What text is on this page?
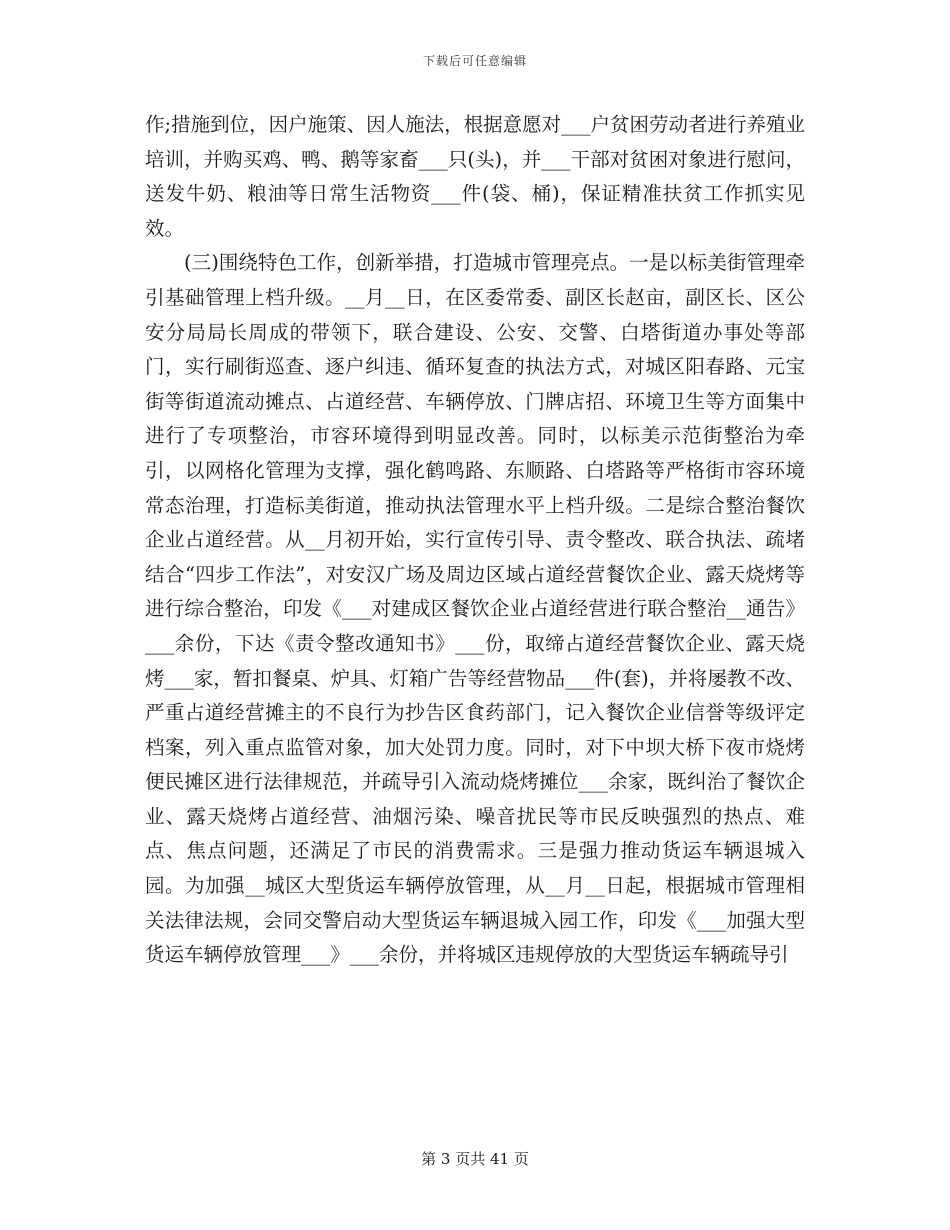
下载后可任意编辑

作;措施到位，因户施策、因人施法，根据意愿对___户贫困劳动者进行养殖业培训，并购买鸡、鸭、鹅等家畜___只(头)，并___干部对贫困对象进行慰问，送发牛奶、粮油等日常生活物资___件(袋、桶)，保证精准扶贫工作抓实见效。

(三)围绕特色工作，创新举措，打造城市管理亮点。一是以标美街管理牵引基础管理上档升级。__月__日，在区委常委、副区长赵亩，副区长、区公安分局局长周成的带领下，联合建设、公安、交警、白塔街道办事处等部门，实行刷街巡查、逐户纠违、循环复查的执法方式，对城区阳春路、元宝街等街道流动摊点、占道经营、车辆停放、门牌店招、环境卫生等方面集中进行了专项整治，市容环境得到明显改善。同时，以标美示范街整治为牵引，以网格化管理为支撑，强化鹤鸣路、东顺路、白塔路等严格街市容环境常态治理，打造标美街道，推动执法管理水平上档升级。二是综合整治餐饮企业占道经营。从__月初开始，实行宣传引导、责令整改、联合执法、疏堵结合“四步工作法”，对安汉广场及周边区域占道经营餐饮企业、露天烧烤等进行综合整治，印发《___对建成区餐饮企业占道经营进行联合整治__通告》___余份，下达《责令整改通知书》___份，取缔占道经营餐饮企业、露天烧烤___家，暂扣餐桌、炉具、灯箱广告等经营物品___件(套)，并将屡教不改、严重占道经营摊主的不良行为抄告区食药部门，记入餐饮企业信誉等级评定档案，列入重点监管对象，加大处罚力度。同时，对下中坝大桥下夜市烧烤便民摊区进行法律规范，并疏导引入流动烧烤摊位___余家，既纠治了餐饮企业、露天烧烤占道经营、油烟污染、噪音扰民等市民反映强烈的热点、难点、焦点问题，还满足了市民的消费需求。三是强力推动货运车辆退城入园。为加强__城区大型货运车辆停放管理，从__月__日起，根据城市管理相关法律法规，会同交警启动大型货运车辆退城入园工作，印发《___加强大型货运车辆停放管理___》___余份，并将城区违规停放的大型货运车辆疏导引

第 3 页共 41 页
